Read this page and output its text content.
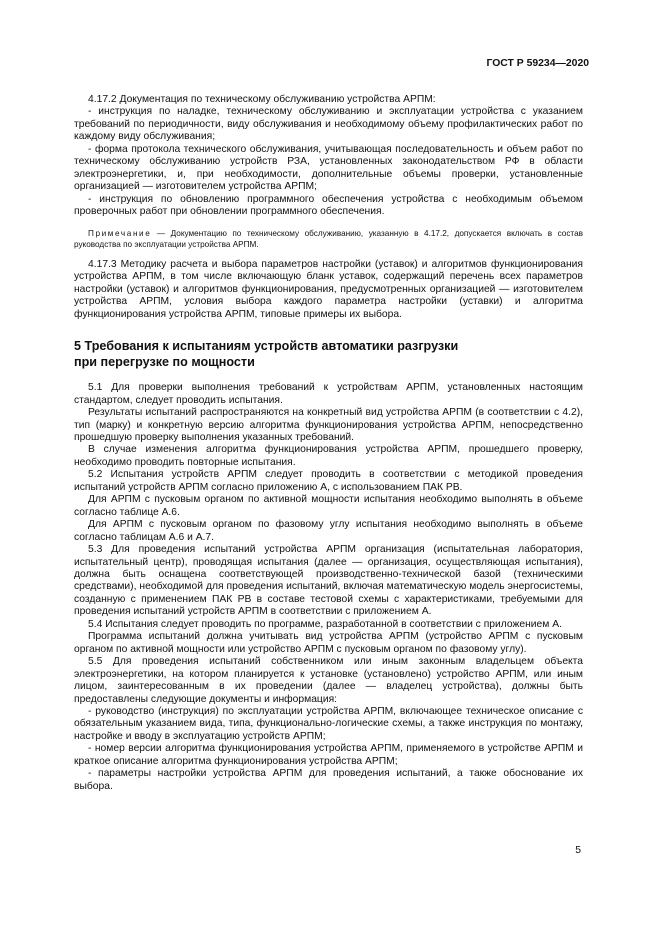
ГОСТ Р 59234—2020

4.17.2 Документация по техническому обслуживанию устройства АРПМ:

- инструкция по наладке, техническому обслуживанию и эксплуатации устройства с указанием требований по периодичности, виду обслуживания и необходимому объему профилактических работ по каждому виду обслуживания;

- форма протокола технического обслуживания, учитывающая последовательность и объем работ по техническому обслуживанию устройств РЗА, установленных законодательством РФ в области электроэнергетики, и, при необходимости, дополнительные объемы проверки, установленные организацией — изготовителем устройства АРПМ;

- инструкция по обновлению программного обеспечения устройства с необходимым объемом проверочных работ при обновлении программного обеспечения.

Примечание — Документацию по техническому обслуживанию, указанную в 4.17.2, допускается включать в состав руководства по эксплуатации устройства АРПМ.

4.17.3 Методику расчета и выбора параметров настройки (уставок) и алгоритмов функционирования устройства АРПМ, в том числе включающую бланк уставок, содержащий перечень всех параметров настройки (уставок) и алгоритмов функционирования, предусмотренных организацией — изготовителем устройства АРПМ, условия выбора каждого параметра настройки (уставки) и алгоритма функционирования устройства АРПМ, типовые примеры их выбора.

5 Требования к испытаниям устройств автоматики разгрузки
при перегрузке по мощности

5.1 Для проверки выполнения требований к устройствам АРПМ, установленных настоящим стандартом, следует проводить испытания.

Результаты испытаний распространяются на конкретный вид устройства АРПМ (в соответствии с 4.2), тип (марку) и конкретную версию алгоритма функционирования устройства АРПМ, непосредственно прошедшую проверку выполнения указанных требований.

В случае изменения алгоритма функционирования устройства АРПМ, прошедшего проверку, необходимо проводить повторные испытания.

5.2 Испытания устройств АРПМ следует проводить в соответствии с методикой проведения испытаний устройств АРПМ согласно приложению А, с использованием ПАК РВ.

Для АРПМ с пусковым органом по активной мощности испытания необходимо выполнять в объеме согласно таблице А.6.

Для АРПМ с пусковым органом по фазовому углу испытания необходимо выполнять в объеме согласно таблицам А.6 и А.7.

5.3 Для проведения испытаний устройства АРПМ организация (испытательная лаборатория, испытательный центр), проводящая испытания (далее — организация, осуществляющая испытания), должна быть оснащена соответствующей производственно-технической базой (техническими средствами), необходимой для проведения испытаний, включая математическую модель энергосистемы, созданную с применением ПАК РВ в составе тестовой схемы с характеристиками, требуемыми для проведения испытаний устройств АРПМ в соответствии с приложением А.

5.4 Испытания следует проводить по программе, разработанной в соответствии с приложением А.

Программа испытаний должна учитывать вид устройства АРПМ (устройство АРПМ с пусковым органом по активной мощности или устройство АРПМ с пусковым органом по фазовому углу).

5.5 Для проведения испытаний собственником или иным законным владельцем объекта электроэнергетики, на котором планируется к установке (установлено) устройство АРПМ, или иным лицом, заинтересованным в их проведении (далее — владелец устройства), должны быть предоставлены следующие документы и информация:

- руководство (инструкция) по эксплуатации устройства АРПМ, включающее техническое описание с обязательным указанием вида, типа, функционально-логические схемы, а также инструкция по монтажу, настройке и вводу в эксплуатацию устройств АРПМ;

- номер версии алгоритма функционирования устройства АРПМ, применяемого в устройстве АРПМ и краткое описание алгоритма функционирования устройства АРПМ;

- параметры настройки устройства АРПМ для проведения испытаний, а также обоснование их выбора.

5
